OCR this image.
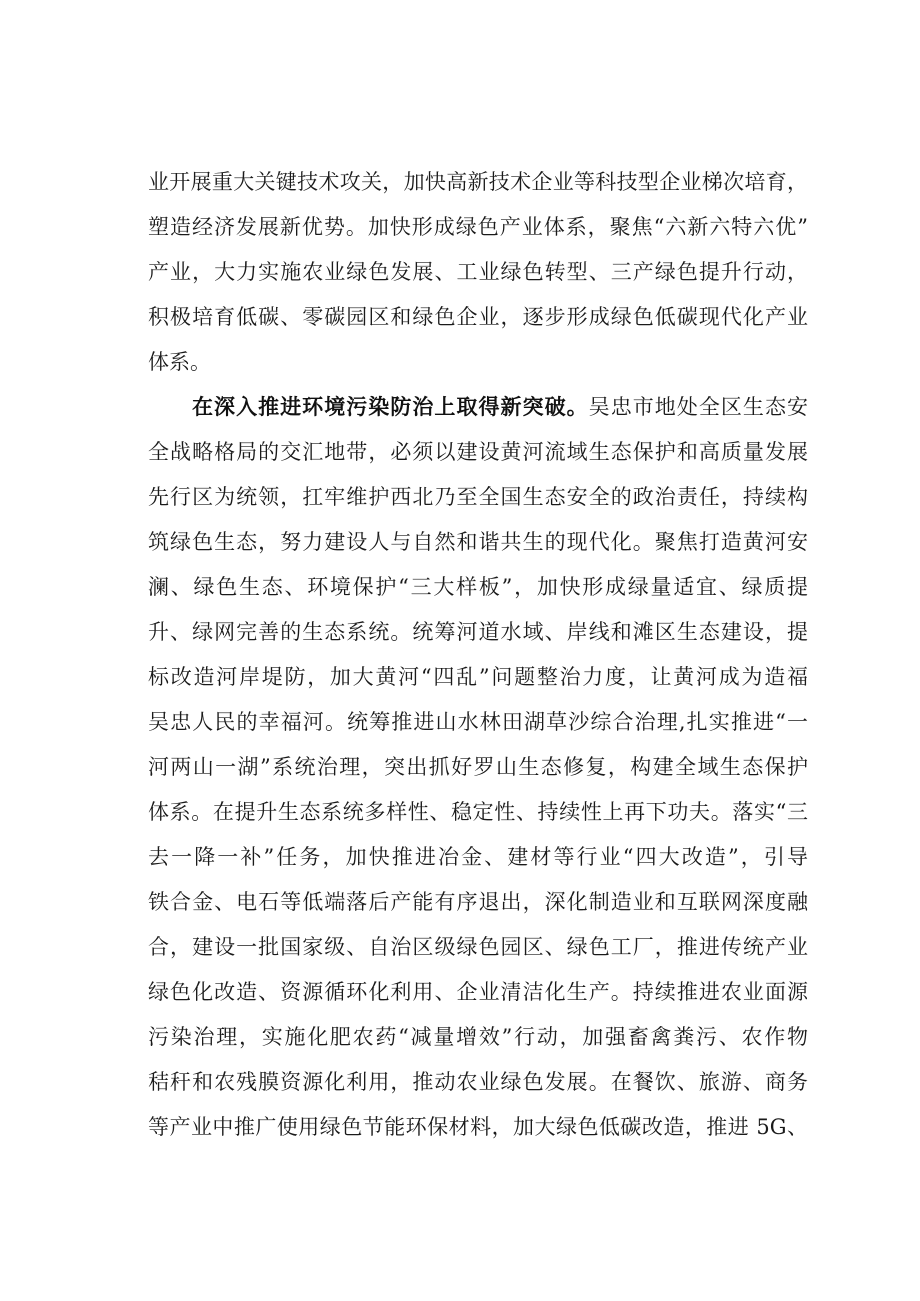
业开展重大关键技术攻关，加快高新技术企业等科技型企业梯次培育，
塑造经济发展新优势。加快形成绿色产业体系，聚焦“六新六特六优”
产业，大力实施农业绿色发展、工业绿色转型、三产绿色提升行动，
积极培育低碳、零碳园区和绿色企业，逐步形成绿色低碳现代化产业
体系。
在深入推进环境污染防治上取得新突破。吴忠市地处全区生态安
全战略格局的交汇地带，必须以建设黄河流域生态保护和高质量发展
先行区为统领，扛牢维护西北乃至全国生态安全的政治责任，持续构
筑绿色生态，努力建设人与自然和谐共生的现代化。聚焦打造黄河安
澜、绿色生态、环境保护“三大样板”，加快形成绿量适宜、绿质提
升、绿网完善的生态系统。统筹河道水域、岸线和滩区生态建设，提
标改造河岸堤防，加大黄河“四乱”问题整治力度，让黄河成为造福
吴忠人民的幸福河。统筹推进山水林田湖草沙综合治理,扎实推进“一
河两山一湖”系统治理，突出抓好罗山生态修复，构建全域生态保护
体系。在提升生态系统多样性、稳定性、持续性上再下功夫。落实“三
去一降一补”任务，加快推进冶金、建材等行业“四大改造”，引导
铁合金、电石等低端落后产能有序退出，深化制造业和互联网深度融
合，建设一批国家级、自治区级绿色园区、绿色工厂，推进传统产业
绿色化改造、资源循环化利用、企业清洁化生产。持续推进农业面源
污染治理，实施化肥农药“减量增效”行动，加强畜禽粪污、农作物
秸秆和农残膜资源化利用，推动农业绿色发展。在餐饮、旅游、商务
等产业中推广使用绿色节能环保材料，加大绿色低碳改造，推进 5G、
